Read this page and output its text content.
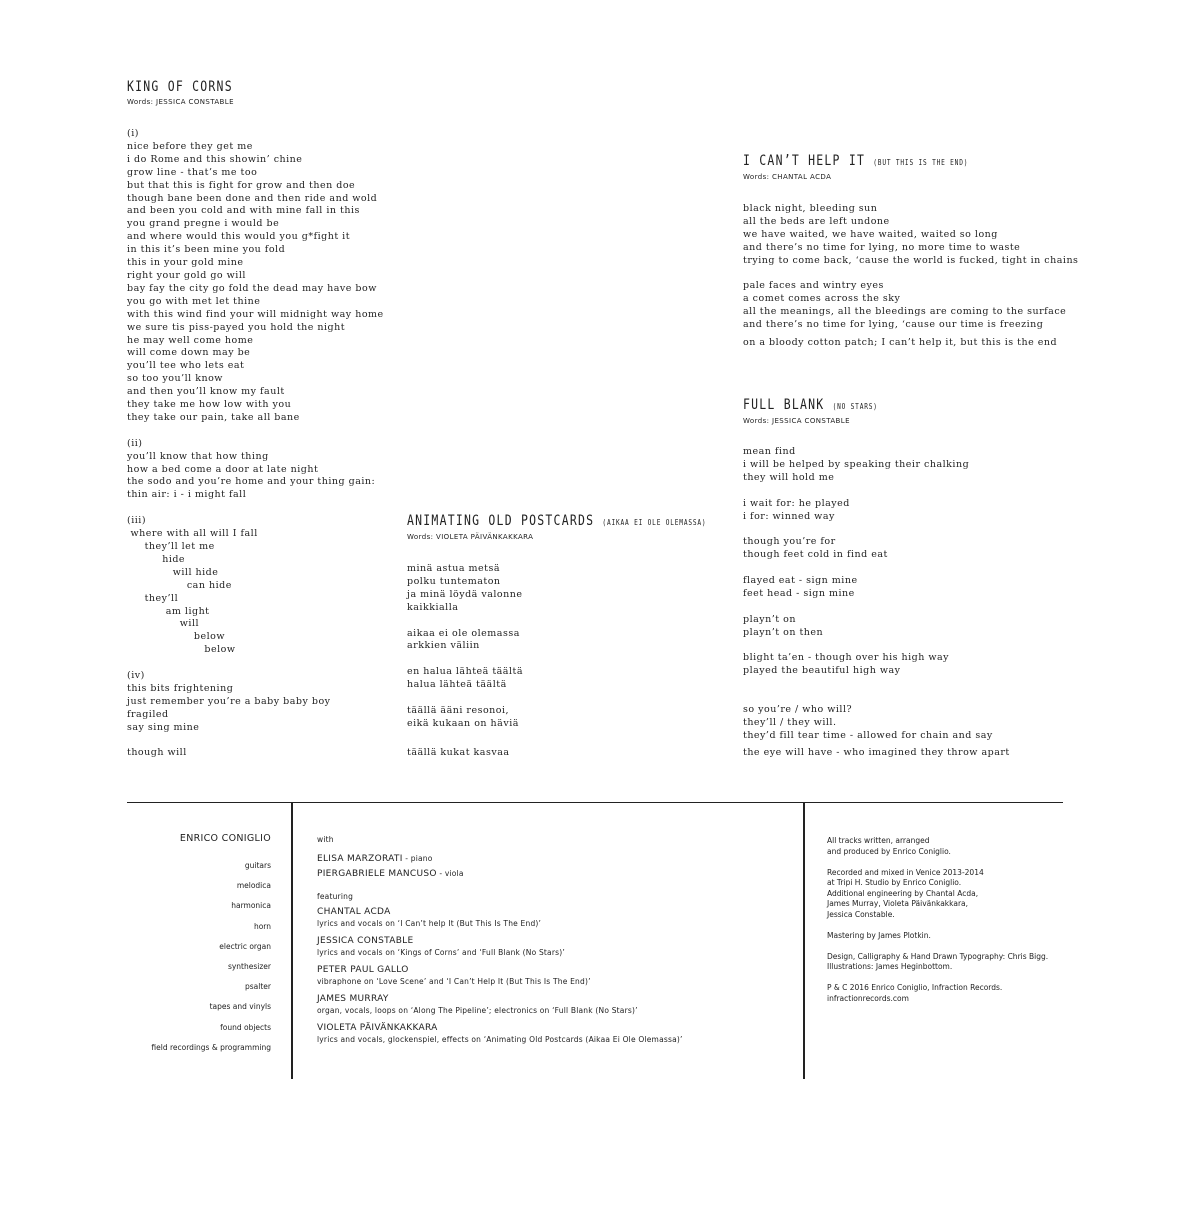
KING OF CORNS
Words: JESSICA CONSTABLE
(i)
nice before they get me
i do Rome and this showin’ chine
grow line - that’s me too
but that this is fight for grow and then doe
though bane been done and then ride and wold
and been you cold and with mine fall in this
you grand pregne i would be
and where would this would you g*fight it
in this it’s been mine you fold
this in your gold mine
right your gold go will
bay fay the city go fold the dead may have bow
you go with met let thine
with this wind find your will midnight way home
we sure tis piss-payed you hold the night
he may well come home
will come down may be
you’ll tee who lets eat
so too you’ll know
and then you’ll know my fault
they take me how low with you
they take our pain, take all bane
(ii)
you’ll know that how thing
how a bed come a door at late night
the sodo and you’re home and your thing gain:
thin air: i - i might fall
(iii)
where with all will I fall
they’ll let me
hide
will hide
can hide
they’ll
am light
will
below
below
(iv)
this bits frightening
just remember you’re a baby baby boy
fragiled
say sing mine
though will
ANIMATING OLD POSTCARDS (AIKAA EI OLE OLEMASSA)
Words: VIOLETA PÄIVÄNKAKKARA
minä astua metsä
polku tuntematon
ja minä löydä valonne
kaikkialla
aikaa ei ole olemassa
arkkien väliin
en halua lähteä täältä
halua lähteä täältä
täällä ääni resonoi,
eikä kukaan on häviä
täällä kukat kasvaa
I CAN’T HELP IT (BUT THIS IS THE END)
Words: CHANTAL ACDA
black night, bleeding sun
all the beds are left undone
we have waited, we have waited, waited so long
and there’s no time for lying, no more time to waste
trying to come back, ‘cause the world is fucked, tight in chains
pale faces and wintry eyes
a comet comes across the sky
all the meanings, all the bleedings are coming to the surface
and there’s no time for lying, ‘cause our time is freezing
on a bloody cotton patch; I can’t help it, but this is the end
FULL BLANK (NO STARS)
Words: JESSICA CONSTABLE
mean find
i will be helped by speaking their chalking
they will hold me
i wait for: he played
i for: winned way
though you’re for
though feet cold in find eat
flayed eat - sign mine
feet head - sign mine
playn’t on
playn’t on then
blight ta’en - though over his high way
played the beautiful high way
so you’re / who will?
they’ll / they will.
they’d fill tear time - allowed for chain and say
the eye will have - who imagined they throw apart
ENRICO CONIGLIO
guitars
melodica
harmonica
horn
electric organ
synthesizer
psalter
tapes and vinyls
found objects
field recordings & programming
with
ELISA MARZORATI - piano
PIERGABRIELE MANCUSO - viola
featuring
CHANTAL ACDA
lyrics and vocals on ‘I Can’t help It (But This Is The End)’
JESSICA CONSTABLE
lyrics and vocals on ‘Kings of Corns’ and ‘Full Blank (No Stars)’
PETER PAUL GALLO
vibraphone on ‘Love Scene’ and ‘I Can’t Help It (But This Is The End)’
JAMES MURRAY
organ, vocals, loops on ‘Along The Pipeline’; electronics on ‘Full Blank (No Stars)’
VIOLETA PÄIVÄNKAKKARA
lyrics and vocals, glockenspiel, effects on ‘Animating Old Postcards (Aikaa Ei Ole Olemassa)’

All tracks written, arranged

and produced by Enrico Coniglio.

Recorded and mixed in Venice 2013-2014

at Tripi H. Studio by Enrico Coniglio.

Additional engineering by Chantal Acda,

James Murray, Violeta Päivänkakkara,

Jessica Constable.

Mastering by James Plotkin.

Design, Calligraphy & Hand Drawn Typography: Chris Bigg.

Illustrations: James Heginbottom.

P & C 2016 Enrico Coniglio, Infraction Records.

infractionrecords.com
